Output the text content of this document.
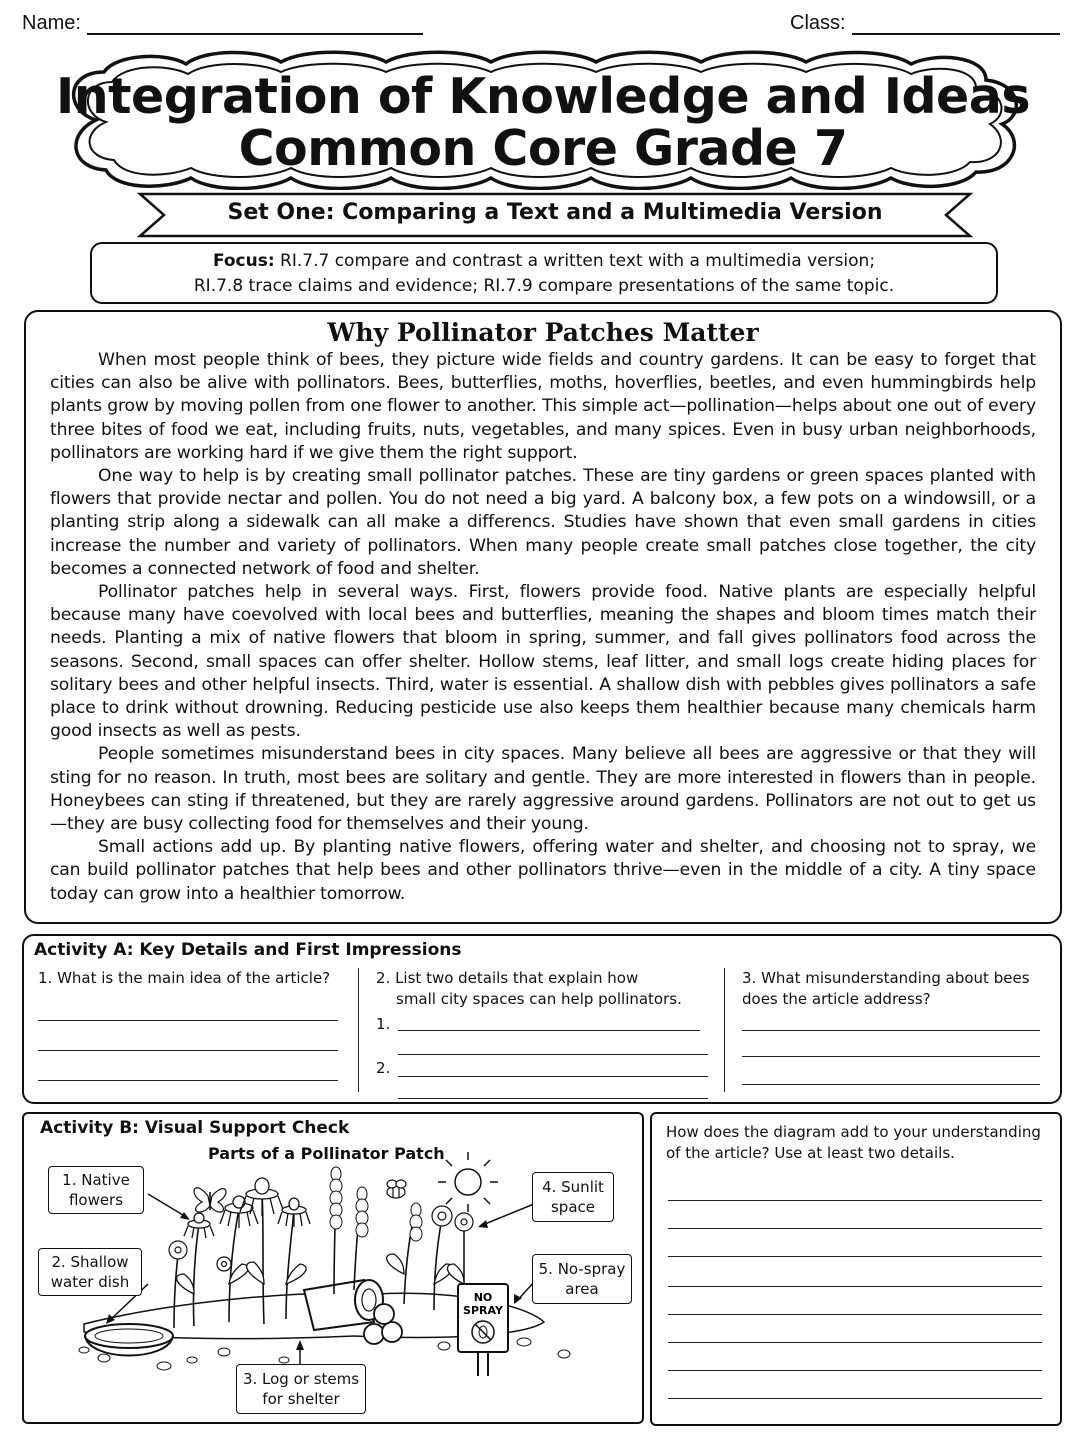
Name:	Class:
Integration of Knowledge and Ideas
Common Core Grade 7
Set One: Comparing a Text and a Multimedia Version
Focus: RI.7.7 compare and contrast a written text with a multimedia version;
RI.7.8 trace claims and evidence; RI.7.9 compare presentations of the same topic.
Why Pollinator Patches Matter

When most people think of bees, they picture wide fields and country gardens. It can be easy to forget that cities can also be alive with pollinators. Bees, butterflies, moths, hoverflies, beetles, and even hummingbirds help plants grow by moving pollen from one flower to another. This simple act—pollination—helps about one out of every three bites of food we eat, including fruits, nuts, vegetables, and many spices. Even in busy urban neighborhoods, pollinators are working hard if we give them the right support.

One way to help is by creating small pollinator patches. These are tiny gardens or green spaces planted with flowers that provide nectar and pollen. You do not need a big yard. A balcony box, a few pots on a windowsill, or a planting strip along a sidewalk can all make a differencs. Studies have shown that even small gardens in cities increase the number and variety of pollinators. When many people create small patches close together, the city becomes a connected network of food and shelter.

Pollinator patches help in several ways. First, flowers provide food. Native plants are especially helpful because many have coevolved with local bees and butterflies, meaning the shapes and bloom times match their needs. Planting a mix of native flowers that bloom in spring, summer, and fall gives pollinators food across the seasons. Second, small spaces can offer shelter. Hollow stems, leaf litter, and small logs create hiding places for solitary bees and other helpful insects. Third, water is essential. A shallow dish with pebbles gives pollinators a safe place to drink without drowning. Reducing pesticide use also keeps them healthier because many chemicals harm good insects as well as pests.

People sometimes misunderstand bees in city spaces. Many believe all bees are aggressive or that they will sting for no reason. In truth, most bees are solitary and gentle. They are more interested in flowers than in people. Honeybees can sting if threatened, but they are rarely aggressive around gardens. Pollinators are not out to get us—they are busy collecting food for themselves and their young.

Small actions add up. By planting native flowers, offering water and shelter, and choosing not to spray, we can build pollinator patches that help bees and other pollinators thrive—even in the middle of a city. A tiny space today can grow into a healthier tomorrow.

Activity A: Key Details and First Impressions
1. What is the main idea of the article?	2. List two details that explain how
small city spaces can help pollinators.
1.
2.
3. What misunderstanding about bees
does the article address?
Activity B: Visual Support Check
Parts of a Pollinator Patch
NO
SPRAY
1. Native
flowers
2. Shallow
water dish
3. Log or stems
for shelter
4. Sunlit
space
5. No-spray
area
How does the diagram add to your understanding
of the article? Use at least two details.
